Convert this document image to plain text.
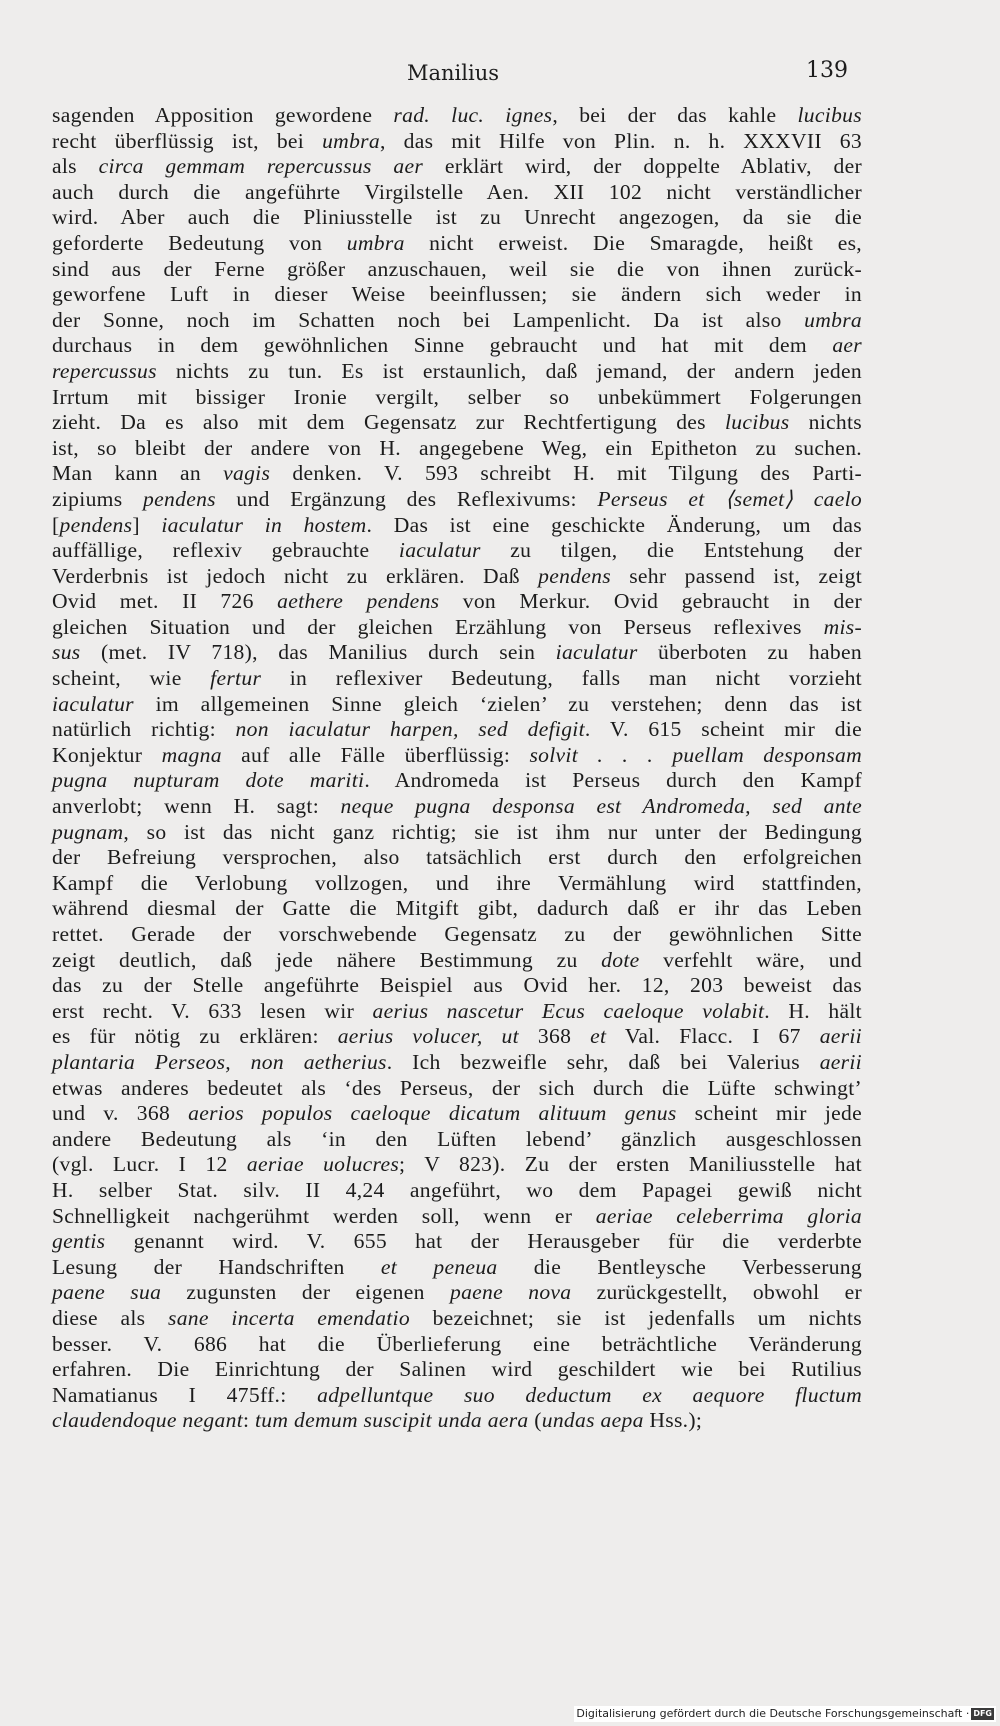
Manilius	139
sagenden Apposition gewordene rad. luc. ignes, bei der das kahle lucibus
recht überflüssig ist, bei umbra, das mit Hilfe von Plin. n. h. XXXVII 63
als circa gemmam repercussus aer erklärt wird, der doppelte Ablativ, der
auch durch die angeführte Virgilstelle Aen. XII 102 nicht verständlicher
wird. Aber auch die Pliniusstelle ist zu Unrecht angezogen, da sie die
geforderte Bedeutung von umbra nicht erweist. Die Smaragde, heißt es,
sind aus der Ferne größer anzuschauen, weil sie die von ihnen zurück-
geworfene Luft in dieser Weise beeinflussen; sie ändern sich weder in
der Sonne, noch im Schatten noch bei Lampenlicht. Da ist also umbra
durchaus in dem gewöhnlichen Sinne gebraucht und hat mit dem aer
repercussus nichts zu tun. Es ist erstaunlich, daß jemand, der andern jeden
Irrtum mit bissiger Ironie vergilt, selber so unbekümmert Folgerungen
zieht. Da es also mit dem Gegensatz zur Rechtfertigung des lucibus nichts
ist, so bleibt der andere von H. angegebene Weg, ein Epitheton zu suchen.
Man kann an vagis denken. V. 593 schreibt H. mit Tilgung des Parti-
zipiums pendens und Ergänzung des Reflexivums: Perseus et ⟨semet⟩ caelo
[pendens] iaculatur in hostem. Das ist eine geschickte Änderung, um das
auffällige, reflexiv gebrauchte iaculatur zu tilgen, die Entstehung der
Verderbnis ist jedoch nicht zu erklären. Daß pendens sehr passend ist, zeigt
Ovid met. II 726 aethere pendens von Merkur. Ovid gebraucht in der
gleichen Situation und der gleichen Erzählung von Perseus reflexives mis-
sus (met. IV 718), das Manilius durch sein iaculatur überboten zu haben
scheint, wie fertur in reflexiver Bedeutung, falls man nicht vorzieht
iaculatur im allgemeinen Sinne gleich ‘zielen’ zu verstehen; denn das ist
natürlich richtig: non iaculatur harpen, sed defigit. V. 615 scheint mir die
Konjektur magna auf alle Fälle überflüssig: solvit . . . puellam desponsam
pugna nupturam dote mariti. Andromeda ist Perseus durch den Kampf
anverlobt; wenn H. sagt: neque pugna desponsa est Andromeda, sed ante
pugnam, so ist das nicht ganz richtig; sie ist ihm nur unter der Bedingung
der Befreiung versprochen, also tatsächlich erst durch den erfolgreichen
Kampf die Verlobung vollzogen, und ihre Vermählung wird stattfinden,
während diesmal der Gatte die Mitgift gibt, dadurch daß er ihr das Leben
rettet. Gerade der vorschwebende Gegensatz zu der gewöhnlichen Sitte
zeigt deutlich, daß jede nähere Bestimmung zu dote verfehlt wäre, und
das zu der Stelle angeführte Beispiel aus Ovid her. 12, 203 beweist das
erst recht. V. 633 lesen wir aerius nascetur Ecus caeloque volabit. H. hält
es für nötig zu erklären: aerius volucer, ut 368 et Val. Flacc. I 67 aerii
plantaria Perseos, non aetherius. Ich bezweifle sehr, daß bei Valerius aerii
etwas anderes bedeutet als ‘des Perseus, der sich durch die Lüfte schwingt’
und v. 368 aerios populos caeloque dicatum alituum genus scheint mir jede
andere Bedeutung als ‘in den Lüften lebend’ gänzlich ausgeschlossen
(vgl. Lucr. I 12 aeriae uolucres; V 823). Zu der ersten Maniliusstelle hat
H. selber Stat. silv. II 4,24 angeführt, wo dem Papagei gewiß nicht
Schnelligkeit nachgerühmt werden soll, wenn er aeriae celeberrima gloria
gentis genannt wird. V. 655 hat der Herausgeber für die verderbte
Lesung der Handschriften et peneua die Bentleysche Verbesserung
paene sua zugunsten der eigenen paene nova zurückgestellt, obwohl er
diese als sane incerta emendatio bezeichnet; sie ist jedenfalls um nichts
besser. V. 686 hat die Überlieferung eine beträchtliche Veränderung
erfahren. Die Einrichtung der Salinen wird geschildert wie bei Rutilius
Namatianus I 475ff.: adpelluntque suo deductum ex aequore fluctum
claudendoque negant: tum demum suscipit unda aera (undas aepa Hss.);
Digitalisierung gefördert durch die Deutsche Forschungsgemeinschaft · DFG
